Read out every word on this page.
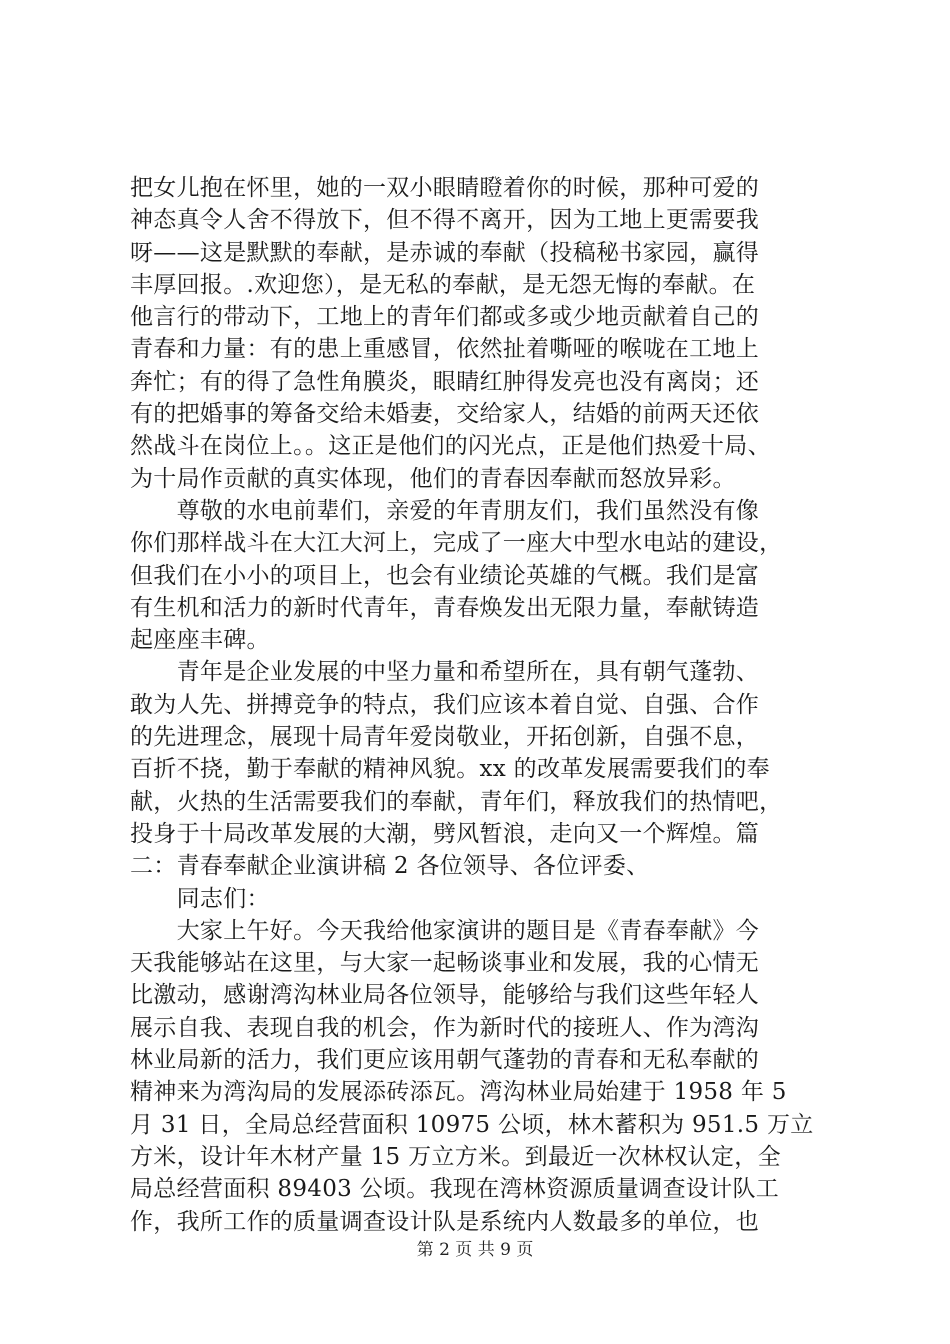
把女儿抱在怀里，她的一双小眼睛瞪着你的时候，那种可爱的
神态真令人舍不得放下，但不得不离开，因为工地上更需要我
呀——这是默默的奉献，是赤诚的奉献（投稿秘书家园，赢得
丰厚回报。.欢迎您），是无私的奉献，是无怨无悔的奉献。在
他言行的带动下，工地上的青年们都或多或少地贡献着自己的
青春和力量：有的患上重感冒，依然扯着嘶哑的喉咙在工地上
奔忙；有的得了急性角膜炎，眼睛红肿得发亮也没有离岗；还
有的把婚事的筹备交给未婚妻，交给家人，结婚的前两天还依
然战斗在岗位上。。这正是他们的闪光点，正是他们热爱十局、
为十局作贡献的真实体现，他们的青春因奉献而怒放异彩。
　　尊敬的水电前辈们，亲爱的年青朋友们，我们虽然没有像
你们那样战斗在大江大河上，完成了一座大中型水电站的建设，
但我们在小小的项目上，也会有业绩论英雄的气概。我们是富
有生机和活力的新时代青年，青春焕发出无限力量，奉献铸造
起座座丰碑。
　　青年是企业发展的中坚力量和希望所在，具有朝气蓬勃、
敢为人先、拼搏竞争的特点，我们应该本着自觉、自强、合作
的先进理念，展现十局青年爱岗敬业，开拓创新，自强不息，
百折不挠，勤于奉献的精神风貌。xx 的改革发展需要我们的奉
献，火热的生活需要我们的奉献，青年们，释放我们的热情吧，
投身于十局改革发展的大潮，劈风暂浪，走向又一个辉煌。篇
二：青春奉献企业演讲稿 2 各位领导、各位评委、
　　同志们：
　　大家上午好。今天我给他家演讲的题目是《青春奉献》今
天我能够站在这里，与大家一起畅谈事业和发展，我的心情无
比激动，感谢湾沟林业局各位领导，能够给与我们这些年轻人
展示自我、表现自我的机会，作为新时代的接班人、作为湾沟
林业局新的活力，我们更应该用朝气蓬勃的青春和无私奉献的
精神来为湾沟局的发展添砖添瓦。湾沟林业局始建于 1958 年 5
月 31 日，全局总经营面积 10975 公顷，林木蓄积为 951.5 万立
方米，设计年木材产量 15 万立方米。到最近一次林权认定，全
局总经营面积 89403 公顷。我现在湾林资源质量调查设计队工
作，我所工作的质量调查设计队是系统内人数最多的单位，也
第 2 页 共 9 页
